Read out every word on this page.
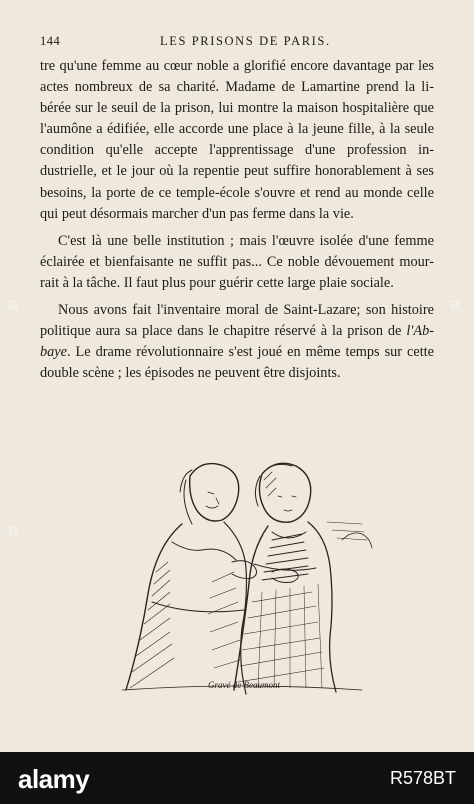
144	LES PRISONS DE PARIS.

tre qu'une femme au cœur noble a glorifié encore davantage par les actes nombreux de sa charité. Madame de Lamartine prend la li- bérée sur le seuil de la prison, lui montre la maison hospitalière que l'aumône a édifiée, elle accorde une place à la jeune fille, à la seule condition qu'elle accepte l'apprentissage d'une profession in- dustrielle, et le jour où la repentie peut suffire honorablement à ses besoins, la porte de ce temple-école s'ouvre et rend au monde celle qui peut désormais marcher d'un pas ferme dans la vie.

C'est là une belle institution ; mais l'œuvre isolée d'une femme éclairée et bienfaisante ne suffit pas... Ce noble dévouement mour- rait à la tâche. Il faut plus pour guérir cette large plaie sociale.

Nous avons fait l'inventaire moral de Saint-Lazare; son histoire politique aura sa place dans le chapitre réservé à la prison de l'Ab- baye. Le drame révolutionnaire s'est joué en même temps sur cette double scène ; les épisodes ne peuvent être disjoints.

Gravé de Beaumont
alamy	R578BT
a	a
a
